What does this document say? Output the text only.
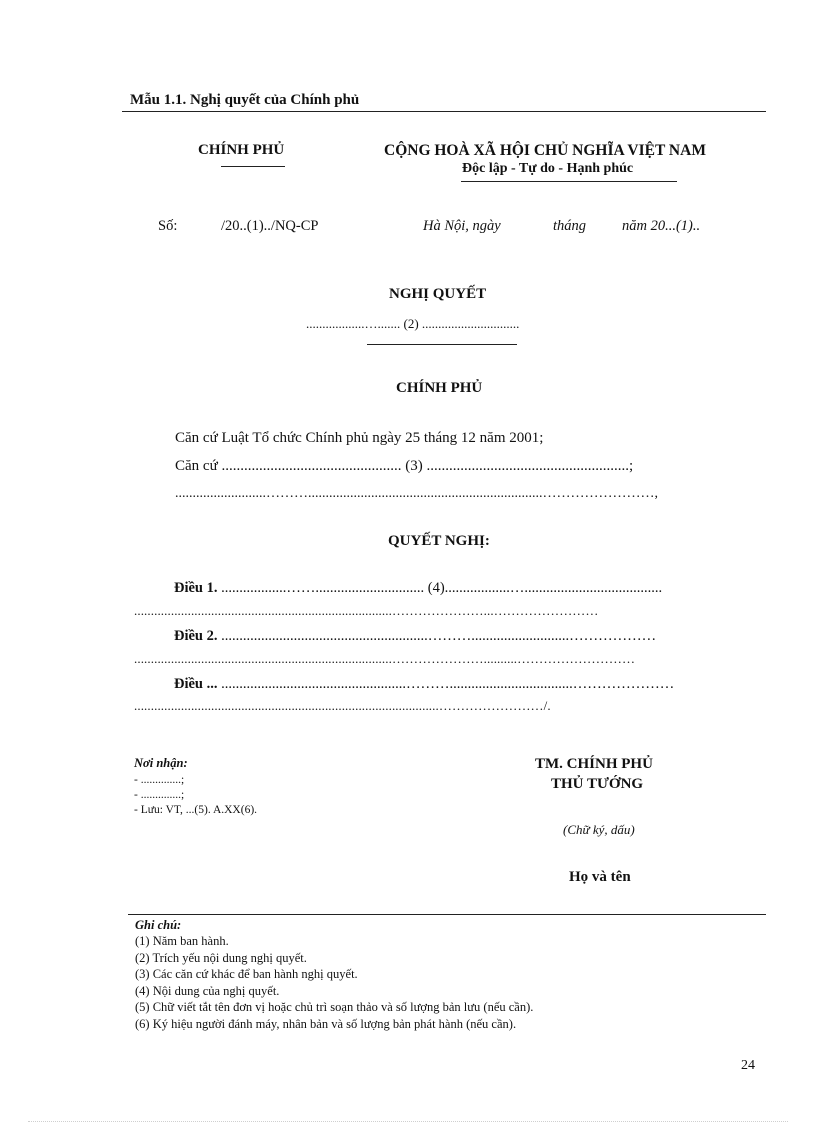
Mẫu 1.1. Nghị quyết của Chính phủ
CHÍNH PHỦ	CỘNG HOÀ XÃ HỘI CHỦ NGHĨA VIỆT NAM
Độc lập - Tự do - Hạnh phúc
Số:	/20..(1)../NQ-CP	Hà Nội, ngày	tháng năm 20...(1)..
NGHỊ QUYẾT
..................…....... (2) ..............................
CHÍNH PHỦ
Căn cứ Luật Tổ chức Chính phủ ngày 25 tháng 12 năm 2001;
Căn cứ ................................................ (3) ......................................................;
..........................………...................................................................……………………,
QUYẾT NGHỊ:
Điều 1. ..................…….............................. (4)..................…......................................
.............................................................................…………………...……………………
Điều 2. .........................................................………...........................………………
.............................................................................…………………..........………………………
Điều ... ...................................................………..................................…………………
...........................................................................................……………………/.
Nơi nhận:
- ..............;
- ..............;
- Lưu: VT, ...(5). A.XX(6).
TM. CHÍNH PHỦ
THỦ TƯỚNG
(Chữ ký, dấu)
Họ và tên
Ghi chú:
(1) Năm ban hành.
(2) Trích yếu nội dung nghị quyết.
(3) Các căn cứ khác để ban hành nghị quyết.
(4) Nội dung của nghị quyết.
(5) Chữ viết tắt tên đơn vị hoặc chủ trì soạn thảo và số lượng bản lưu (nếu cần).
(6) Ký hiệu người đánh máy, nhân bản và số lượng bản phát hành (nếu cần).
24
